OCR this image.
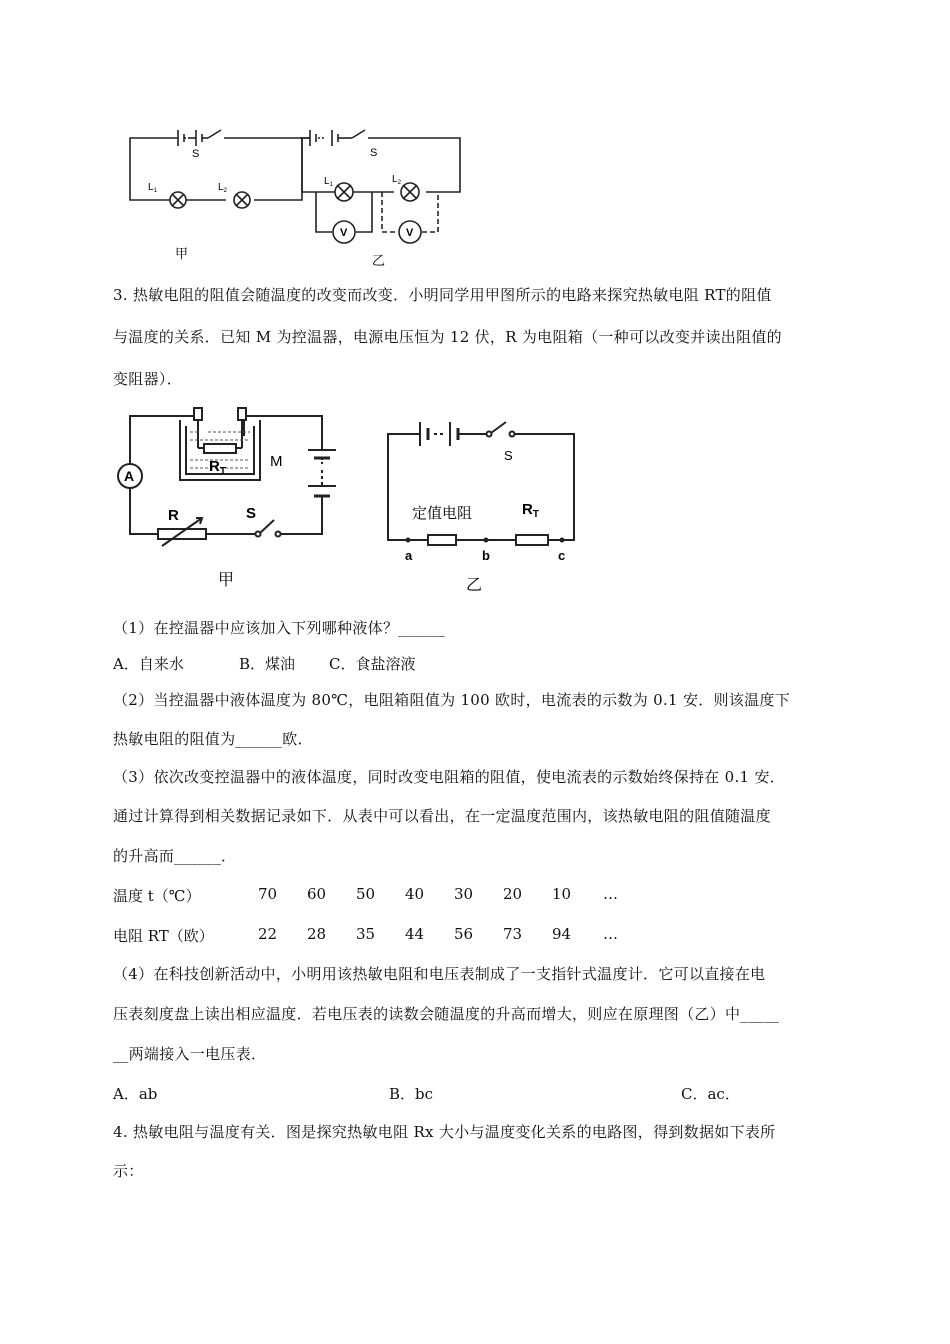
S
$L_1$	$L_2$
甲
S
$L_1$	$L_2$
V	V
乙
3. 热敏电阻的阻值会随温度的改变而改变．小明同学用甲图所示的电路来探究热敏电阻 RT的阻值
与温度的关系．已知 M 为控温器，电源电压恒为 12 伏，R 为电阻箱（一种可以改变并读出阻值的
变阻器）．
A
M
$R_T$
R	S
甲
S
定值电阻	$R_T$
a	b	c
乙
（1）在控温器中应该加入下列哪种液体？______
A．自来水	B．煤油 C．食盐溶液
（2）当控温器中液体温度为 80℃，电阻箱阻值为 100 欧时，电流表的示数为 0.1 安．则该温度下
热敏电阻的阻值为______欧．
（3）依次改变控温器中的液体温度，同时改变电阻箱的阻值，使电流表的示数始终保持在 0.1 安．
通过计算得到相关数据记录如下．从表中可以看出，在一定温度范围内，该热敏电阻的阻值随温度
的升高而______．
温度 t（℃）	70 60 50 40 30 20 10 …
电阻 RT（欧）	22 28 35 44 56 73 94 …
（4）在科技创新活动中，小明用该热敏电阻和电压表制成了一支指针式温度计．它可以直接在电
压表刻度盘上读出相应温度．若电压表的读数会随温度的升高而增大，则应在原理图（乙）中_____
__两端接入一电压表．
A．ab	B．bc	C．ac．
4. 热敏电阻与温度有关．图是探究热敏电阻 Rx 大小与温度变化关系的电路图，得到数据如下表所
示：
